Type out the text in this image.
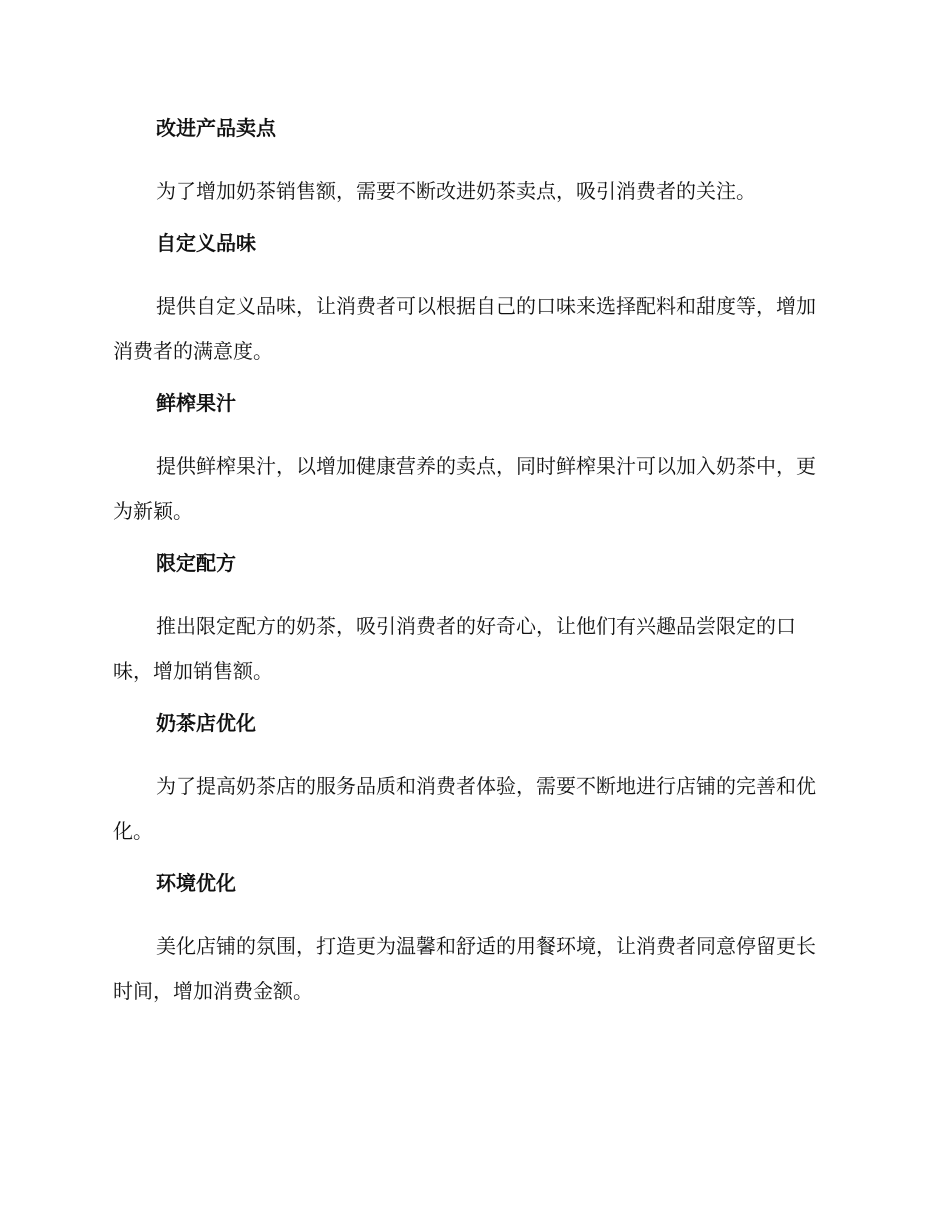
改进产品卖点

为了增加奶茶销售额，需要不断改进奶茶卖点，吸引消费者的关注。

自定义品味

提供自定义品味，让消费者可以根据自己的口味来选择配料和甜度等，增加消费者的满意度。

鲜榨果汁

提供鲜榨果汁，以增加健康营养的卖点，同时鲜榨果汁可以加入奶茶中，更为新颖。

限定配方

推出限定配方的奶茶，吸引消费者的好奇心，让他们有兴趣品尝限定的口味，增加销售额。

奶茶店优化

为了提高奶茶店的服务品质和消费者体验，需要不断地进行店铺的完善和优化。

环境优化

美化店铺的氛围，打造更为温馨和舒适的用餐环境，让消费者同意停留更长时间，增加消费金额。
